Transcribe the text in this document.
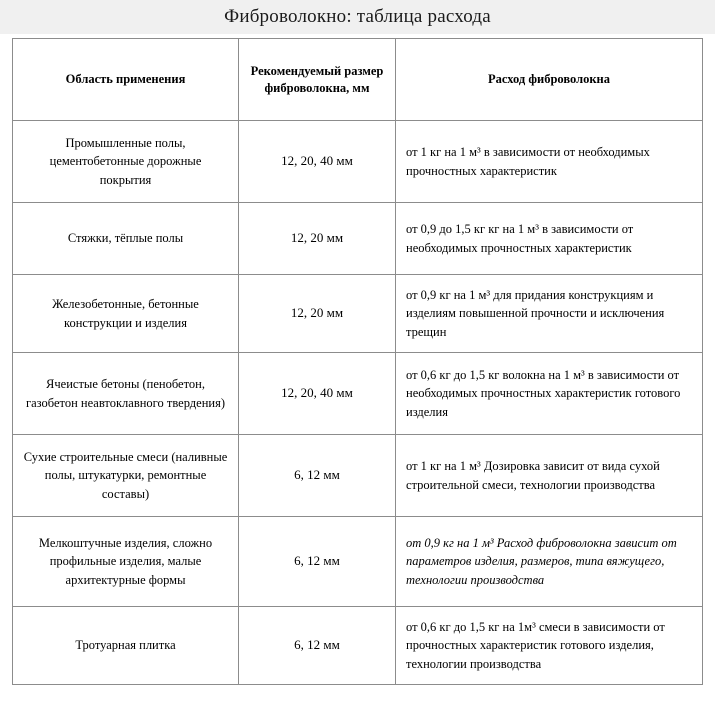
Фиброволокно: таблица расхода
Область применения	Рекомендуемый размер фиброволокна, мм	Расход фиброволокна
Промышленные полы, цементобетонные дорожные покрытия	12, 20, 40 мм	от 1 кг на 1 м³ в зависимости от необходимых прочностных характеристик
Стяжки, тёплые полы	12, 20 мм	от 0,9 до 1,5 кг кг на 1 м³ в зависимости от необходимых прочностных характеристик
Железобетонные, бетонные конструкции и изделия	12, 20 мм	от 0,9 кг на 1 м³ для придания конструкциям и изделиям повышенной прочности и исключения трещин
Ячеистые бетоны (пенобетон, газобетон неавтоклавного твердения)	12, 20, 40 мм	от 0,6 кг до 1,5 кг волокна на 1 м³ в зависимости от необходимых прочностных характеристик готового изделия
Сухие строительные смеси (наливные полы, штукатурки, ремонтные составы)	6, 12 мм	от 1 кг на 1 м³ Дозировка зависит от вида сухой строительной смеси, технологии производства
Мелкоштучные изделия, сложно профильные изделия, малые архитектурные формы	6, 12 мм	от 0,9 кг на 1 м³ Расход фиброволокна зависит от параметров изделия, размеров, типа вяжущего, технологии производства
Тротуарная плитка	6, 12 мм	от 0,6 кг до 1,5 кг на 1м³ смеси в зависимости от прочностных характеристик готового изделия, технологии производства
